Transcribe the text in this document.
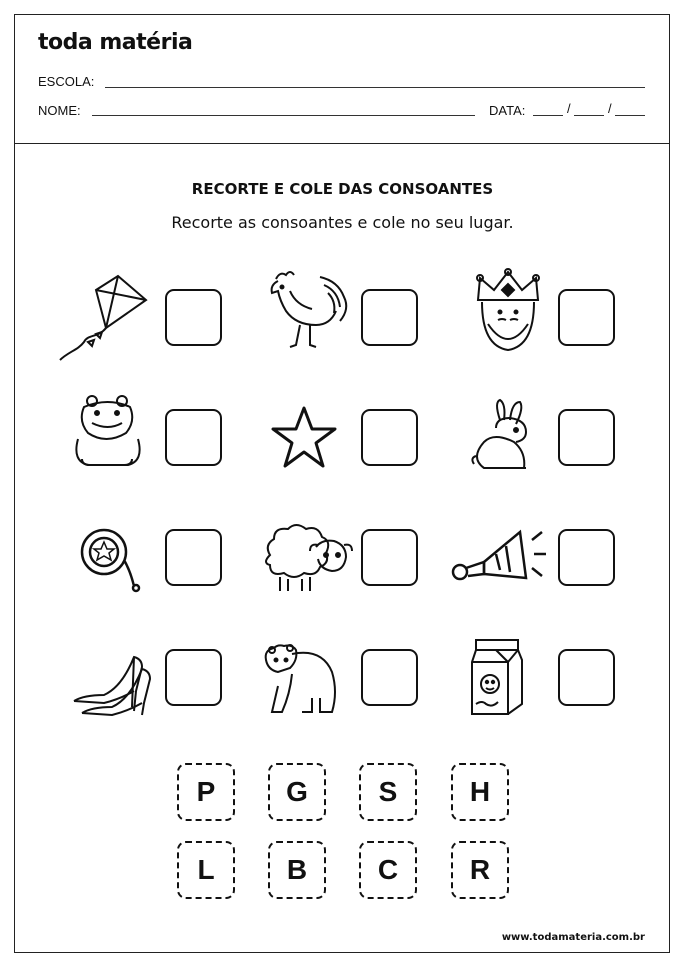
toda matéria
ESCOLA:
NOME:	DATA:	/	/
RECORTE E COLE DAS CONSOANTES
Recorte as consoantes e cole no seu lugar.
P	G	S	H
L	B	C	R
www.todamateria.com.br
